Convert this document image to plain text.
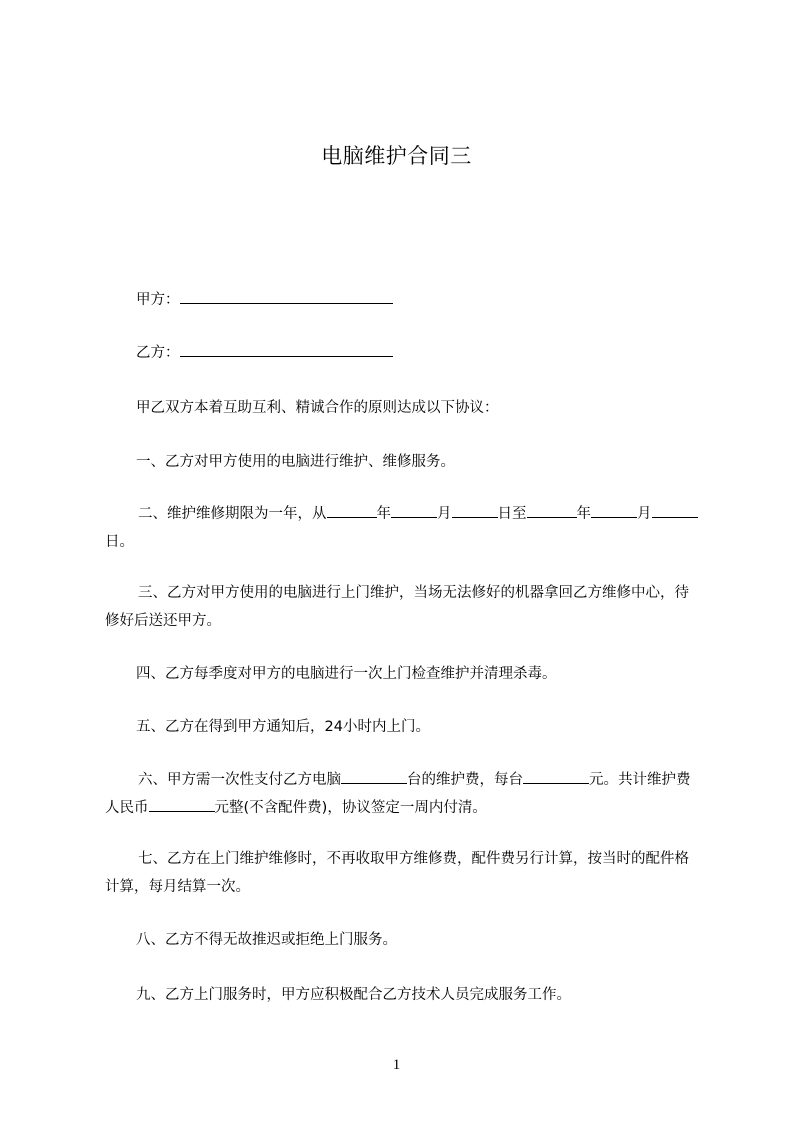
电脑维护合同三

甲方：

乙方：

甲乙双方本着互助互利、精诚合作的原则达成以下协议：

一、乙方对甲方使用的电脑进行维护、维修服务。

二、维护维修期限为一年，从	年	月	日至	年	月日。

三、乙方对甲方使用的电脑进行上门维护，当场无法修好的机器拿回乙方维修中心，待修好后送还甲方。

四、乙方每季度对甲方的电脑进行一次上门检查维护并清理杀毒。

五、乙方在得到甲方通知后，24小时内上门。

六、甲方需一次性支付乙方电脑	台的维护费，每台	元。共计维护费人民币	元整(不含配件费)，协议签定一周内付清。

七、乙方在上门维护维修时，不再收取甲方维修费，配件费另行计算，按当时的配件格计算，每月结算一次。

八、乙方不得无故推迟或拒绝上门服务。

九、乙方上门服务时，甲方应积极配合乙方技术人员完成服务工作。

1
